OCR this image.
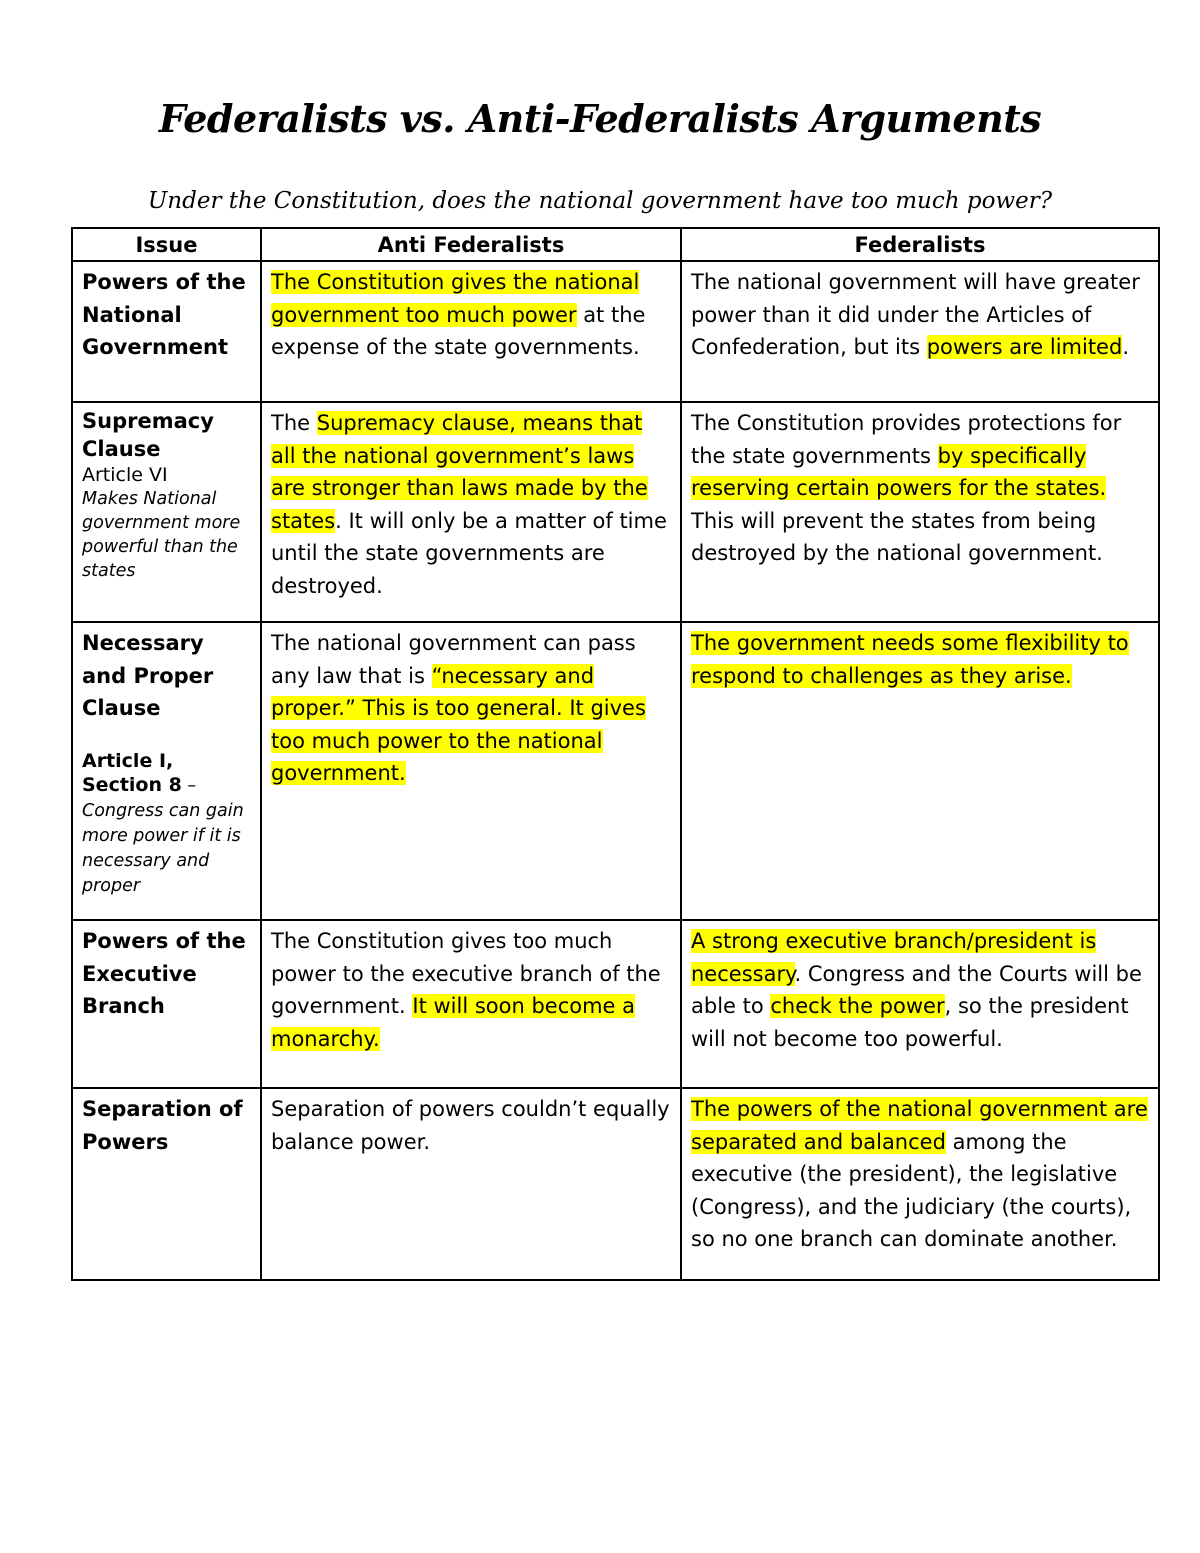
Federalists vs. Anti-Federalists Arguments
Under the Constitution, does the national government have too much power?
Issue	Anti Federalists	Federalists
Powers of the National Government	The Constitution gives the national government too much power at the expense of the state governments.	The national government will have greater power than it did under the Articles of Confederation, but its powers are limited.

Supremacy Clause
Article VI
Makes National government more powerful than the states	The Supremacy clause, means that all the national government’s laws are stronger than laws made by the states. It will only be a matter of time until the state governments are destroyed.	The Constitution provides protections for the state governments by specifically reserving certain powers for the states. This will prevent the states from being destroyed by the national government.

Necessary and Proper Clause
Article I, Section 8 – Congress can gain more power if it is necessary and proper	The national government can pass any law that is “necessary and proper.” This is too general. It gives too much power to the national government.	The government needs some flexibility to respond to challenges as they arise.
Powers of the Executive Branch	The Constitution gives too much power to the executive branch of the government. It will soon become a monarchy.	A strong executive branch/president is necessary. Congress and the Courts will be able to check the power, so the president will not become too powerful.
Separation of Powers	Separation of powers couldn’t equally balance power.	The powers of the national government are separated and balanced among the executive (the president), the legislative (Congress), and the judiciary (the courts), so no one branch can dominate another.
